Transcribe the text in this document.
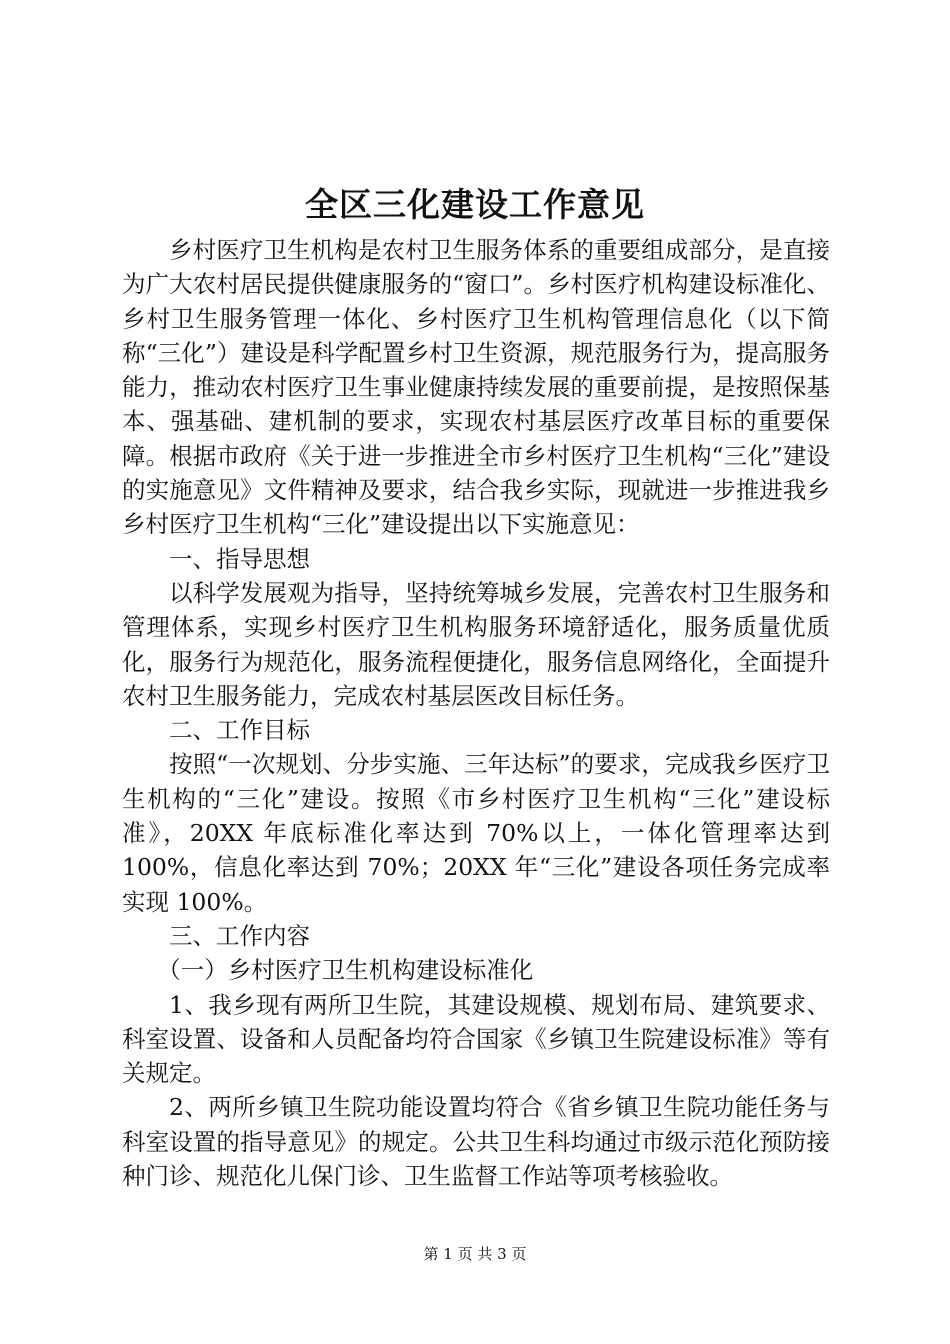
全区三化建设工作意见

乡村医疗卫生机构是农村卫生服务体系的重要组成部分，是直接为广大农村居民提供健康服务的“窗口”。乡村医疗机构建设标准化、乡村卫生服务管理一体化、乡村医疗卫生机构管理信息化（以下简称“三化”）建设是科学配置乡村卫生资源，规范服务行为，提高服务能力，推动农村医疗卫生事业健康持续发展的重要前提，是按照保基本、强基础、建机制的要求，实现农村基层医疗改革目标的重要保障。根据市政府《关于进一步推进全市乡村医疗卫生机构“三化”建设的实施意见》文件精神及要求，结合我乡实际，现就进一步推进我乡乡村医疗卫生机构“三化”建设提出以下实施意见：

一、指导思想

以科学发展观为指导，坚持统筹城乡发展，完善农村卫生服务和管理体系，实现乡村医疗卫生机构服务环境舒适化，服务质量优质化，服务行为规范化，服务流程便捷化，服务信息网络化，全面提升农村卫生服务能力，完成农村基层医改目标任务。

二、工作目标

按照“一次规划、分步实施、三年达标”的要求，完成我乡医疗卫生机构的“三化”建设。按照《市乡村医疗卫生机构“三化”建设标准》，20XX 年底标准化率达到 70%以上，一体化管理率达到 100%，信息化率达到 70%；20XX 年“三化”建设各项任务完成率实现 100%。

三、工作内容

（一）乡村医疗卫生机构建设标准化

1、我乡现有两所卫生院，其建设规模、规划布局、建筑要求、科室设置、设备和人员配备均符合国家《乡镇卫生院建设标准》等有关规定。

2、两所乡镇卫生院功能设置均符合《省乡镇卫生院功能任务与科室设置的指导意见》的规定。公共卫生科均通过市级示范化预防接种门诊、规范化儿保门诊、卫生监督工作站等项考核验收。

第 1 页 共 3 页
